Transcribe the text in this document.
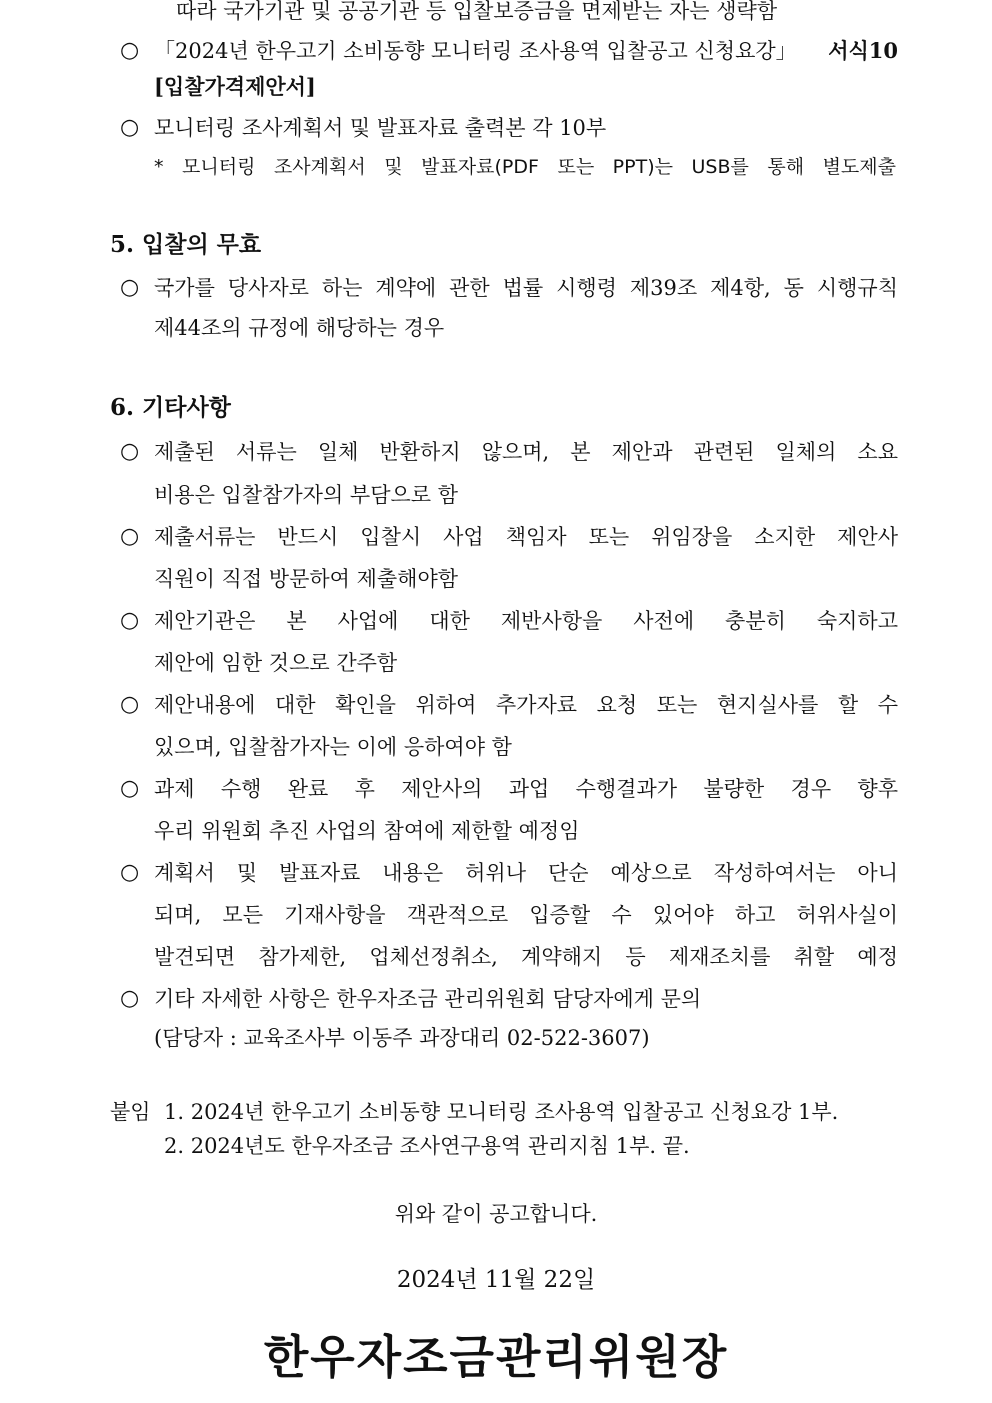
따라 국가기관 및 공공기관 등 입찰보증금을 면제받는 자는 생략함
○ 「2024년 한우고기 소비동향 모니터링 조사용역 입찰공고 신청요강」 서식10
[입찰가격제안서]
○ 모니터링 조사계획서 및 발표자료 출력본 각 10부
* 모니터링 조사계획서 및 발표자료(PDF 또는 PPT)는 USB를 통해 별도제출
5. 입찰의 무효
○ 국가를 당사자로 하는 계약에 관한 법률 시행령 제39조 제4항, 동 시행규칙
제44조의 규정에 해당하는 경우
6. 기타사항
○ 제출된 서류는 일체 반환하지 않으며, 본 제안과 관련된 일체의 소요
비용은 입찰참가자의 부담으로 함
○ 제출서류는 반드시 입찰시 사업 책임자 또는 위임장을 소지한 제안사
직원이 직접 방문하여 제출해야함
○ 제안기관은 본 사업에 대한 제반사항을 사전에 충분히 숙지하고
제안에 임한 것으로 간주함
○ 제안내용에 대한 확인을 위하여 추가자료 요청 또는 현지실사를 할 수
있으며, 입찰참가자는 이에 응하여야 함
○ 과제 수행 완료 후 제안사의 과업 수행결과가 불량한 경우 향후
우리 위원회 추진 사업의 참여에 제한할 예정임
○ 계획서 및 발표자료 내용은 허위나 단순 예상으로 작성하여서는 아니
되며, 모든 기재사항을 객관적으로 입증할 수 있어야 하고 허위사실이
발견되면 참가제한, 업체선정취소, 계약해지 등 제재조치를 취할 예정
○ 기타 자세한 사항은 한우자조금 관리위원회 담당자에게 문의
(담당자 : 교육조사부 이동주 과장대리 02-522-3607)
붙임 1. 2024년 한우고기 소비동향 모니터링 조사용역 입찰공고 신청요강 1부.
2. 2024년도 한우자조금 조사연구용역 관리지침 1부. 끝.
위와 같이 공고합니다.
2024년 11월 22일
한우자조금관리위원장
